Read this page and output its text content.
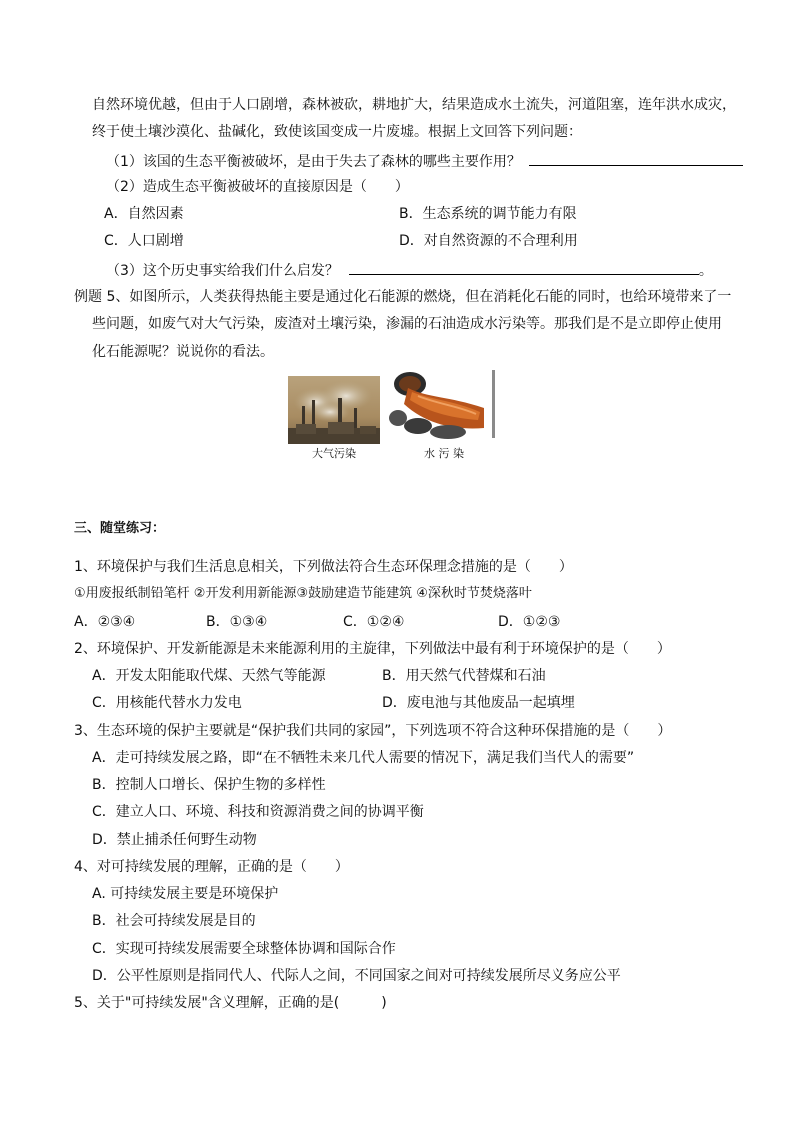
自然环境优越，但由于人口剧增，森林被砍，耕地扩大，结果造成水土流失，河道阻塞，连年洪水成灾，
终于使土壤沙漠化、盐碱化，致使该国变成一片废墟。根据上文回答下列问题：
（1）该国的生态平衡被破坏，是由于失去了森林的哪些主要作用？
（2）造成生态平衡被破坏的直接原因是（　　）
A．自然因素	B．生态系统的调节能力有限
C．人口剧增	D．对自然资源的不合理利用
（3）这个历史事实给我们什么启发？	。
例题 5、如图所示，人类获得热能主要是通过化石能源的燃烧，但在消耗化石能的同时，也给环境带来了一
些问题，如废气对大气污染，废渣对土壤污染，渗漏的石油造成水污染等。那我们是不是立即停止使用
化石能源呢？说说你的看法。
大气污染	水 污 染
三、随堂练习：
1、环境保护与我们生活息息相关，下列做法符合生态环保理念措施的是（　　）
①用废报纸制铅笔杆 ②开发利用新能源③鼓励建造节能建筑 ④深秋时节焚烧落叶
A．②③④	B．①③④	C．①②④	D．①②③
2、环境保护、开发新能源是未来能源利用的主旋律，下列做法中最有利于环境保护的是（　　）
A．开发太阳能取代煤、天然气等能源	B．用天然气代替煤和石油
C．用核能代替水力发电	D．废电池与其他废品一起填埋
3、生态环境的保护主要就是“保护我们共同的家园”，下列选项不符合这种环保措施的是（　　）
A．走可持续发展之路，即“在不牺牲未来几代人需要的情况下，满足我们当代人的需要”
B．控制人口增长、保护生物的多样性
C．建立人口、环境、科技和资源消费之间的协调平衡
D．禁止捕杀任何野生动物
4、对可持续发展的理解，正确的是（　　）
A. 可持续发展主要是环境保护
B．社会可持续发展是目的
C．实现可持续发展需要全球整体协调和国际合作
D．公平性原则是指同代人、代际人之间，不同国家之间对可持续发展所尽义务应公平
5、关于"可持续发展"含义理解，正确的是(　　　)
